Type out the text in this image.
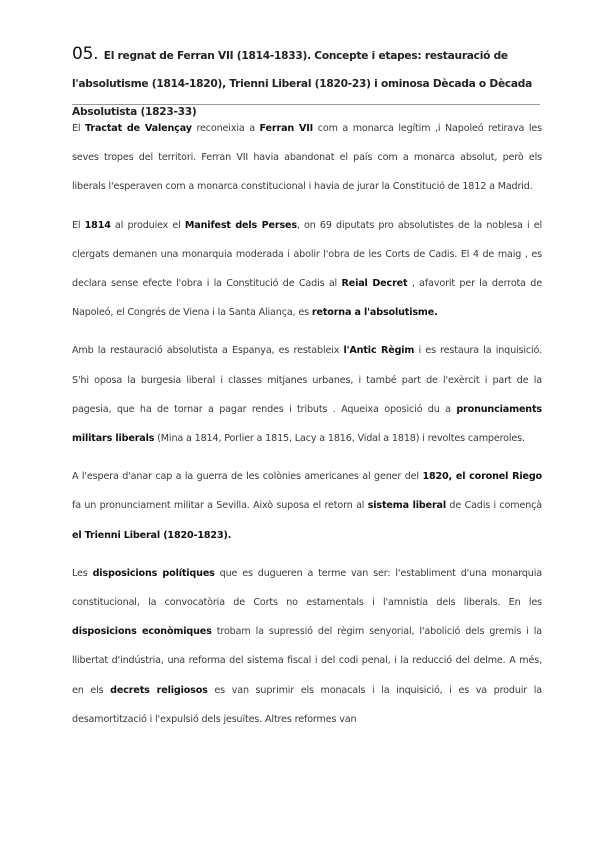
05. El regnat de Ferran VII (1814-1833). Concepte i etapes: restauració de l'absolutisme (1814-1820), Trienni Liberal (1820-23) i ominosa Dècada o Dècada Absolutista (1823-33)

El Tractat de Valençay reconeixia a Ferran VII com a monarca legítim ,i Napoleó retirava les seves tropes del territori. Ferran VII havia abandonat el país com a monarca absolut, però els liberals l'esperaven com a monarca constitucional i havia de jurar la Constitució de 1812 a Madrid.

El 1814 al produiex el Manifest dels Perses, on 69 diputats pro absolutistes de la noblesa i el clergats demanen una monarquia moderada i abolir l'obra de les Corts de Cadis. El 4 de maig , es declara sense efecte l'obra i la Constitució de Cadis al Reial Decret , afavorit per la derrota de Napoleó, el Congrés de Viena i la Santa Aliança, es retorna a l'absolutisme.

Amb la restauració absolutista a Espanya, es restableix l'Antic Règim i es restaura la inquisició. S'hi oposa la burgesia liberal i classes mitjanes urbanes, i també part de l'exèrcit i part de la pagesia, que ha de tornar a pagar rendes i tributs . Aqueixa oposició du a pronunciaments militars liberals (Mina a 1814, Porlier a 1815, Lacy a 1816, Vidal a 1818) i revoltes camperoles.

A l'espera d'anar cap a la guerra de les colònies americanes al gener del 1820, el coronel Riego fa un pronunciament militar a Sevilla. Això suposa el retorn al sistema liberal de Cadis i començà el Trienni Liberal (1820-1823).

Les disposicions polítiques que es dugueren a terme van ser: l'establiment d'una monarquia constitucional, la convocatòria de Corts no estamentals i l'amnistia dels liberals. En les disposicions econòmiques trobam la supressió del règim senyorial, l'abolició dels gremis i la llibertat d'indústria, una reforma del sistema fiscal i del codi penal, i la reducció del delme. A més, en els decrets religiosos es van suprimir els monacals i la inquisició, i es va produir la desamortització i l'expulsió dels jesuïtes. Altres reformes van
